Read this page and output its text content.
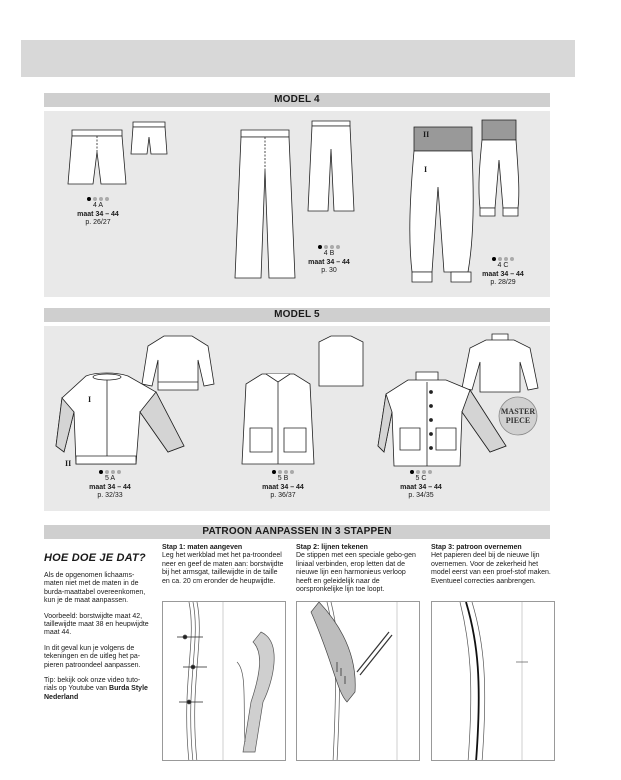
MODEL 4
4 A
maat 34 – 44
p. 26/27
4 B
maat 34 – 44
p. 30
II
I
4 C
maat 34 – 44
p. 28/29
MODEL 5
I
II
5 A
maat 34 – 44
p. 32/33
5 B
maat 34 – 44
p. 36/37
MASTER
PIECE
5 C
maat 34 – 44
p. 34/35
PATROON AANPASSEN IN 3 STAPPEN
HOE DOE JE DAT?

Als de opgenomen lichaams-maten niet met de maten in de burda-maattabel overeenkomen, kun je de maat aanpassen.

Voorbeeld: borstwijdte maat 42, taillewijdte maat 38 en heupwijdte maat 44.

In dit geval kun je volgens de tekeningen en de uitleg het pa-pieren patroondeel aanpassen.

Tip: bekijk ook onze video tuto-rials op Youtube van Burda Style Nederland

Stap 1: maten aangeven
Leg het werkblad met het pa-troondeel neer en geef de maten aan: borstwijdte bij het armsgat, taillewijdte in de taille en ca. 20 cm eronder de heupwijdte.
Stap 2: lijnen tekenen
De stippen met een speciale gebo-gen liniaal verbinden, erop letten dat de nieuwe lijn een harmonieus verloop heeft en geleidelijk naar de oorspronkelijke lijn toe loopt.
Stap 3: patroon overnemen
Het papieren deel bij de nieuwe lijn overnemen. Voor de zekerheid het model eerst van een proef-stof maken. Eventueel correcties aanbrengen.
